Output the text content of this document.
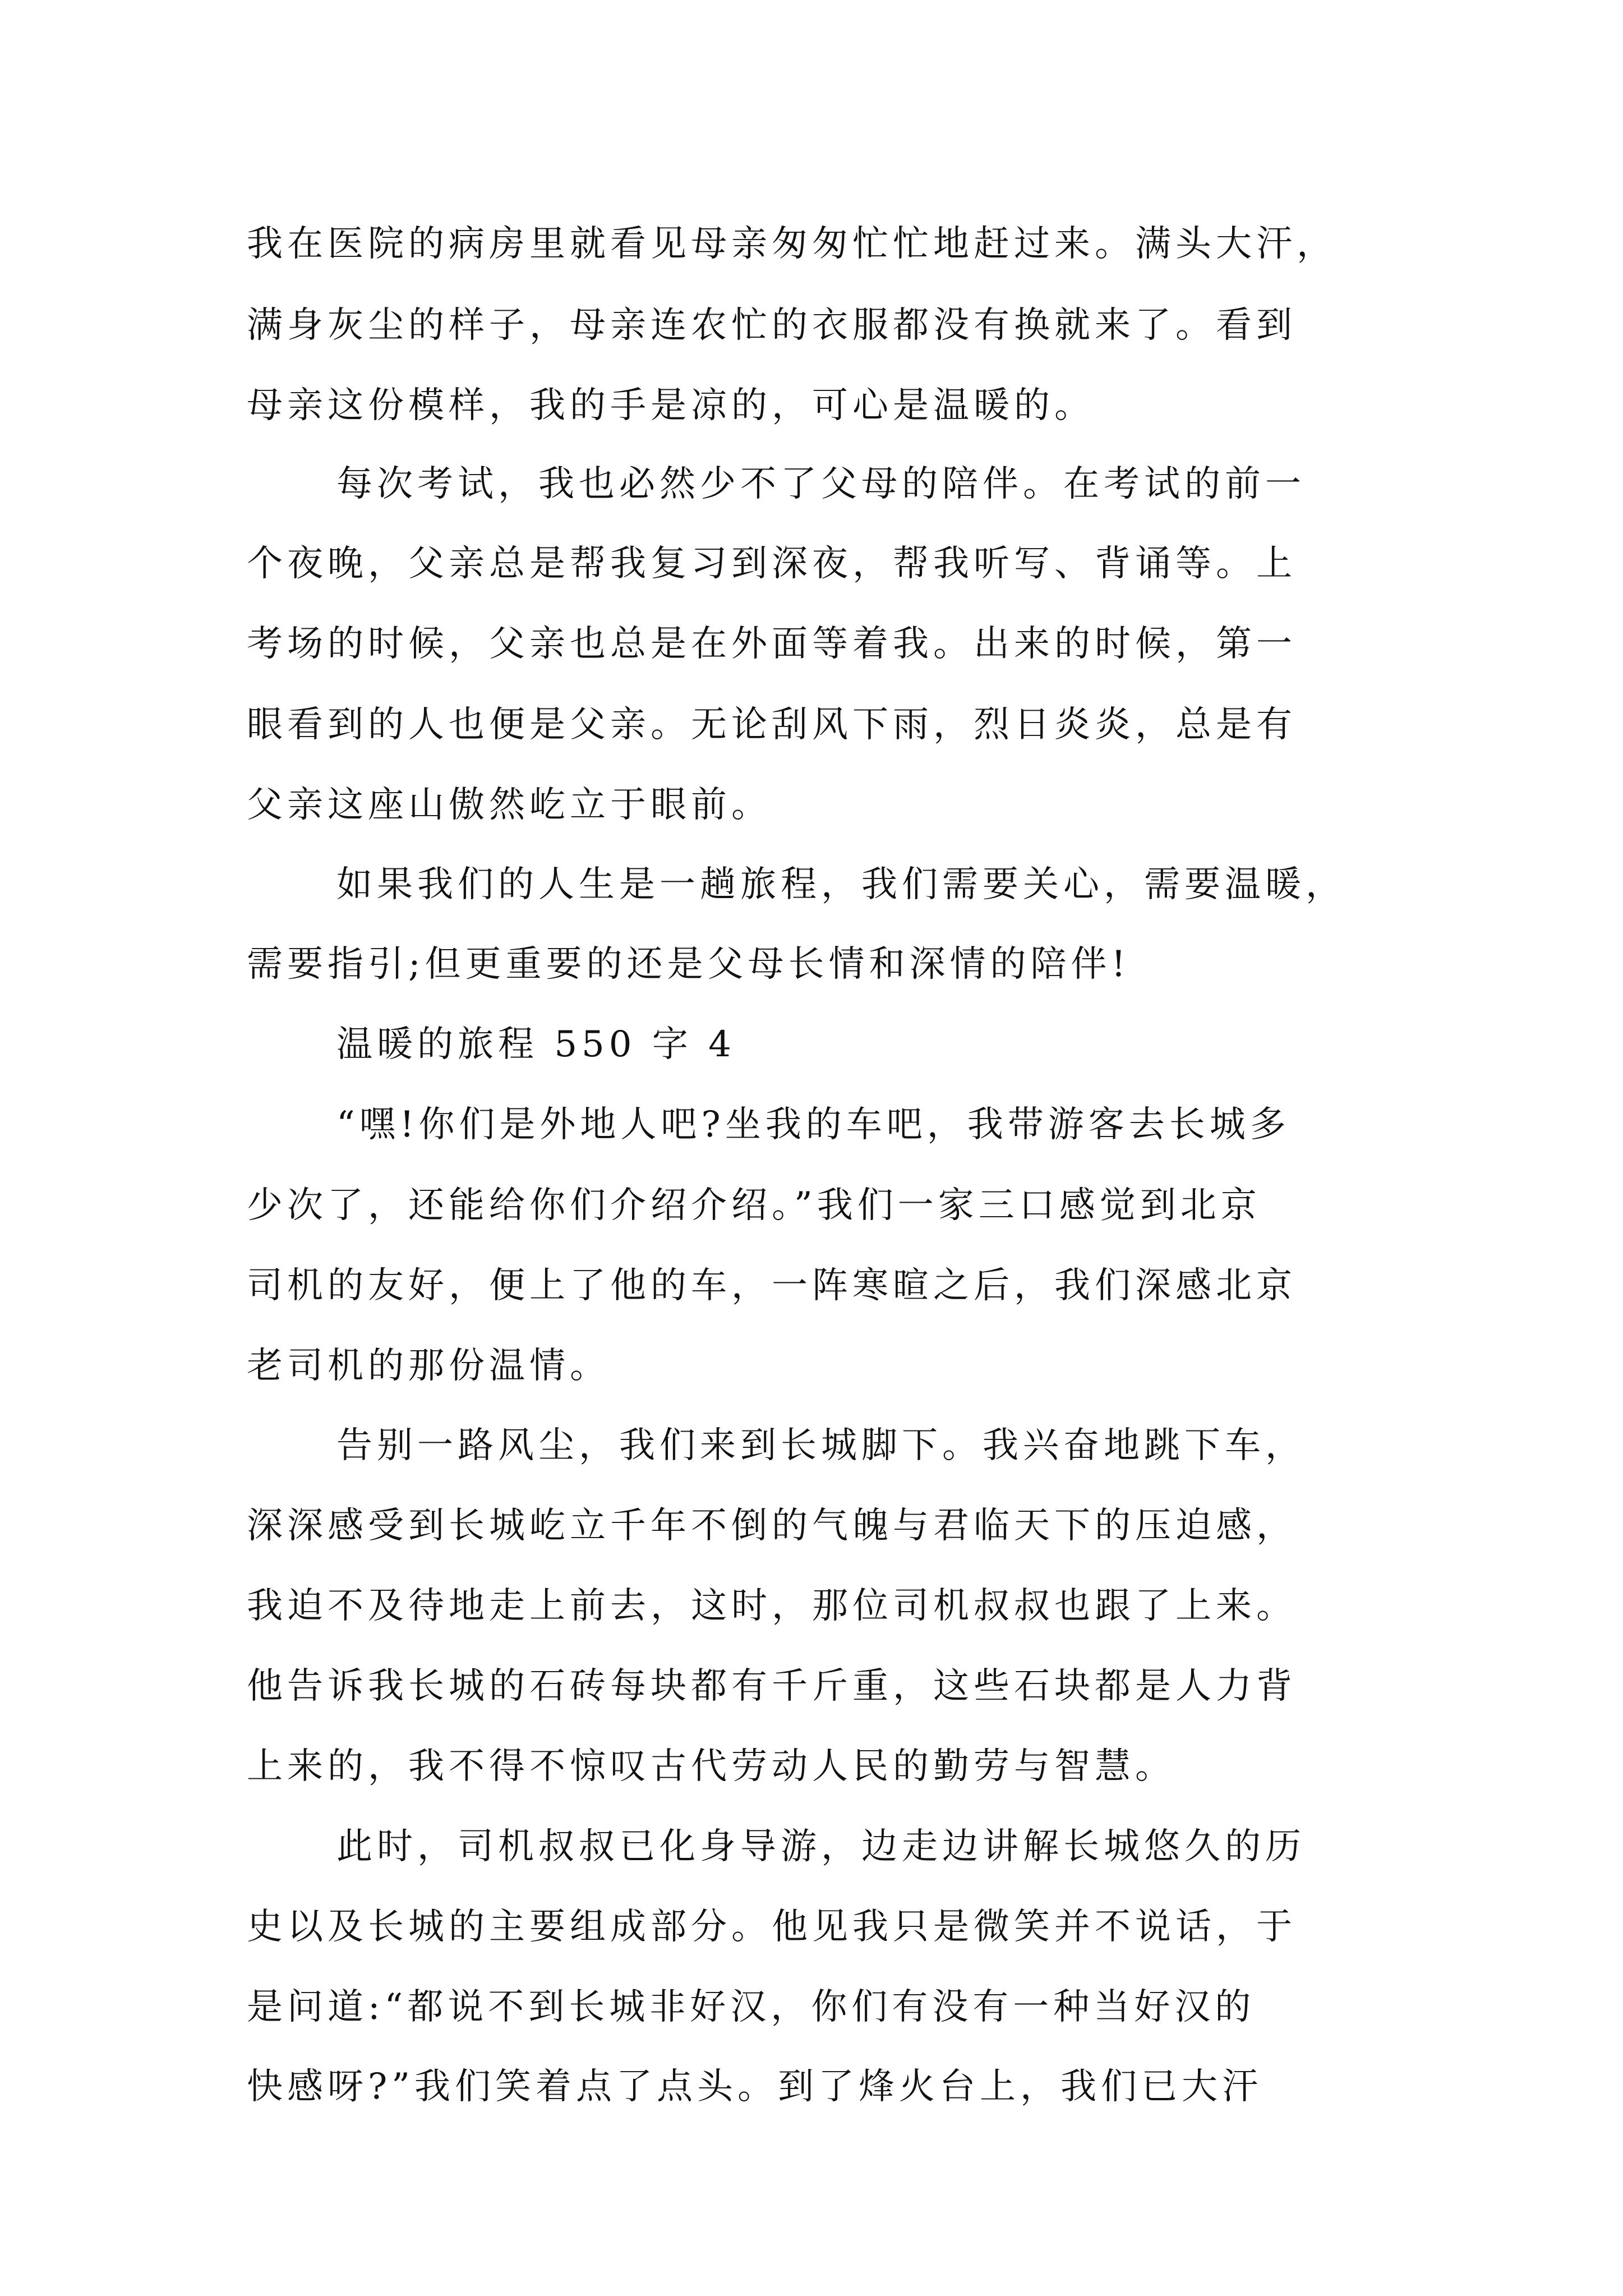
我在医院的病房里就看见母亲匆匆忙忙地赶过来。满头大汗，
满身灰尘的样子，母亲连农忙的衣服都没有换就来了。看到
母亲这份模样，我的手是凉的，可心是温暖的。
每次考试，我也必然少不了父母的陪伴。在考试的前一
个夜晚，父亲总是帮我复习到深夜，帮我听写、背诵等。上
考场的时候，父亲也总是在外面等着我。出来的时候，第一
眼看到的人也便是父亲。无论刮风下雨，烈日炎炎，总是有
父亲这座山傲然屹立于眼前。
如果我们的人生是一趟旅程，我们需要关心，需要温暖，
需要指引;但更重要的还是父母长情和深情的陪伴!
温暖的旅程 550 字 4
“嘿!你们是外地人吧?坐我的车吧，我带游客去长城多
少次了，还能给你们介绍介绍。”我们一家三口感觉到北京
司机的友好，便上了他的车，一阵寒暄之后，我们深感北京
老司机的那份温情。
告别一路风尘，我们来到长城脚下。我兴奋地跳下车，
深深感受到长城屹立千年不倒的气魄与君临天下的压迫感，
我迫不及待地走上前去，这时，那位司机叔叔也跟了上来。
他告诉我长城的石砖每块都有千斤重，这些石块都是人力背
上来的，我不得不惊叹古代劳动人民的勤劳与智慧。
此时，司机叔叔已化身导游，边走边讲解长城悠久的历
史以及长城的主要组成部分。他见我只是微笑并不说话，于
是问道:“都说不到长城非好汉，你们有没有一种当好汉的
快感呀?”我们笑着点了点头。到了烽火台上，我们已大汗
